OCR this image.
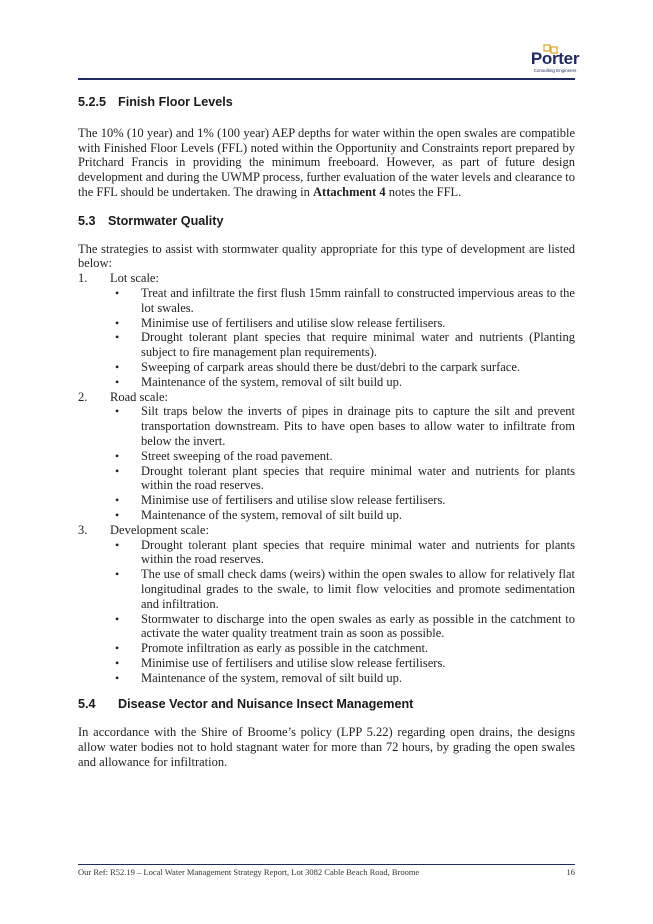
Porter
Consulting Engineers
5.2.5 Finish Floor Levels

The 10% (10 year) and 1% (100 year) AEP depths for water within the open swales are compatible with Finished Floor Levels (FFL) noted within the Opportunity and Constraints report prepared by Pritchard Francis in providing the minimum freeboard. However, as part of future design development and during the UWMP process, further evaluation of the water levels and clearance to the FFL should be undertaken. The drawing in Attachment 4 notes the FFL.

5.3 Stormwater Quality

The strategies to assist with stormwater quality appropriate for this type of development are listed below:

1. Lot scale:
• Treat and infiltrate the first flush 15mm rainfall to constructed impervious areas to the lot swales.
• Minimise use of fertilisers and utilise slow release fertilisers.
• Drought tolerant plant species that require minimal water and nutrients (Planting subject to fire management plan requirements).
• Sweeping of carpark areas should there be dust/debri to the carpark surface.
• Maintenance of the system, removal of silt build up.
2. Road scale:
• Silt traps below the inverts of pipes in drainage pits to capture the silt and prevent transportation downstream. Pits to have open bases to allow water to infiltrate from below the invert.
• Street sweeping of the road pavement.
• Drought tolerant plant species that require minimal water and nutrients for plants within the road reserves.
• Minimise use of fertilisers and utilise slow release fertilisers.
• Maintenance of the system, removal of silt build up.
3. Development scale:
• Drought tolerant plant species that require minimal water and nutrients for plants within the road reserves.
• The use of small check dams (weirs) within the open swales to allow for relatively flat longitudinal grades to the swale, to limit flow velocities and promote sedimentation and infiltration.
• Stormwater to discharge into the open swales as early as possible in the catchment to activate the water quality treatment train as soon as possible.
• Promote infiltration as early as possible in the catchment.
• Minimise use of fertilisers and utilise slow release fertilisers.
• Maintenance of the system, removal of silt build up.
5.4 Disease Vector and Nuisance Insect Management

In accordance with the Shire of Broome’s policy (LPP 5.22) regarding open drains, the designs allow water bodies not to hold stagnant water for more than 72 hours, by grading the open swales and allowance for infiltration.

Our Ref: R52.19 – Local Water Management Strategy Report, Lot 3082 Cable Beach Road, Broome	16
